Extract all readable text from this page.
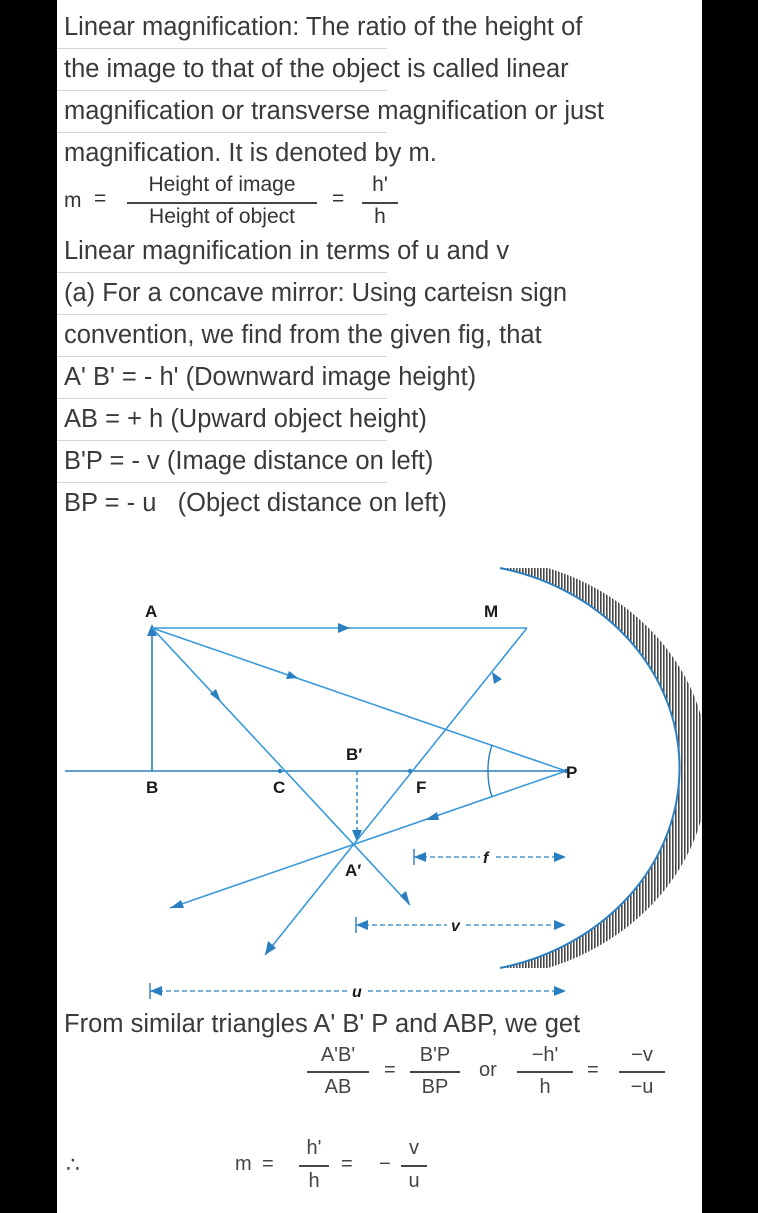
Linear magnification: The ratio of the height of
the image to that of the object is called linear
magnification or transverse magnification or just
magnification. It is denoted by m.
m =
Height of image
Height of object
=
h'
h
Linear magnification in terms of u and v
(a) For a concave mirror: Using carteisn sign
convention, we find from the given fig, that
A' B' = - h' (Downward image height)
AB = + h (Upward object height)
B'P = - v (Image distance on left)
BP = - u   (Object distance on left)
A
B	C	F
P
M
B′
A′
f
v
u
From similar triangles A' B' P and ABP, we get
A'B'
AB
=
B'P
BP
or
−h'
h
=
−v
−u
∴	m =
h'
h
= −
v
u
